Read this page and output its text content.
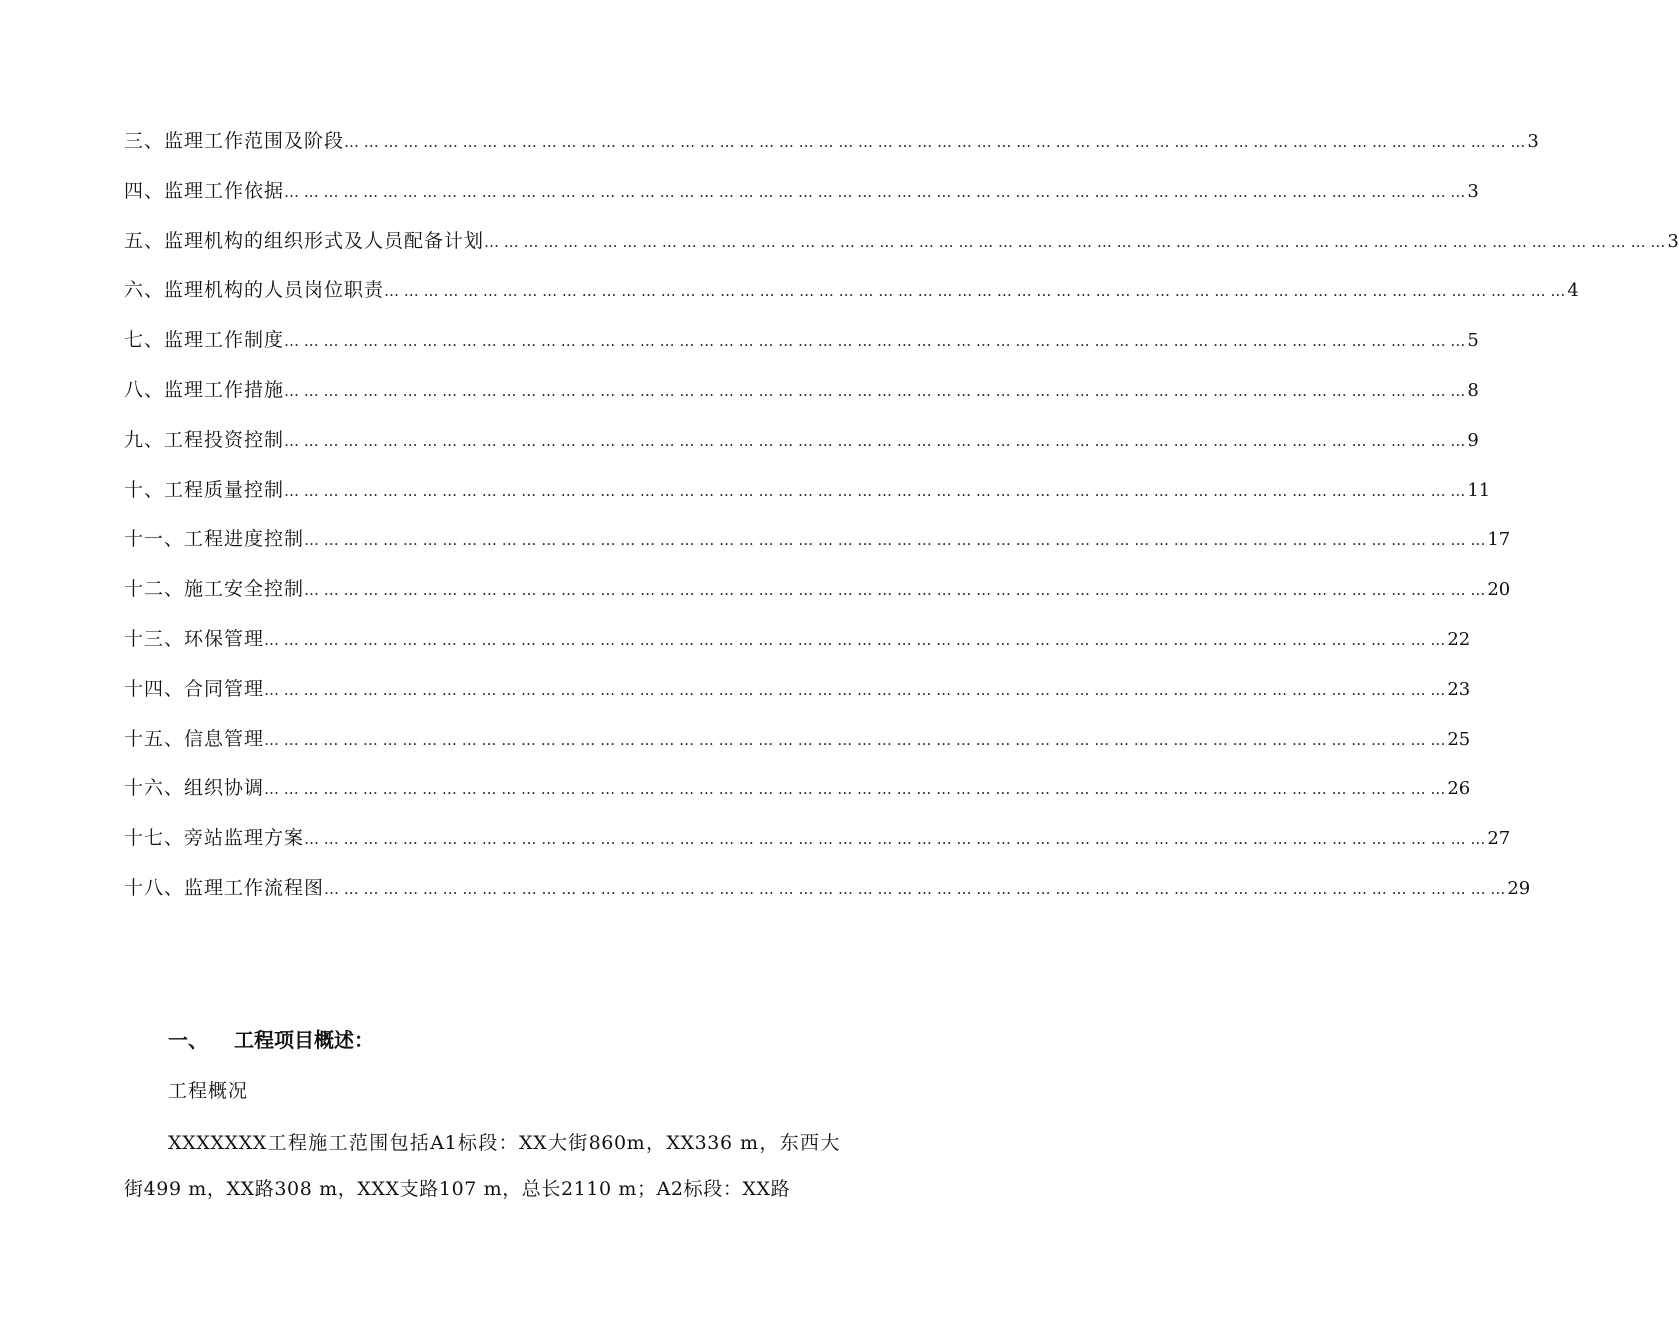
三、监理工作范围及阶段 … … … … … … … … … … … … … … … … … … … … … … … … … … … … … … … … … … … … … … … … … … … … … … … … … … … … … … … … … … … … 3
四、监理工作依据 … … … … … … … … … … … … … … … … … … … … … … … … … … … … … … … … … … … … … … … … … … … … … … … … … … … … … … … … … … … … 3
五、监理机构的组织形式及人员配备计划 … … … … … … … … … … … … … … … … … … … … … … … … … … … … … … … … … … … … … … … … … … … … … … … … … … … … … … … … … … … … 3
六、监理机构的人员岗位职责 … … … … … … … … … … … … … … … … … … … … … … … … … … … … … … … … … … … … … … … … … … … … … … … … … … … … … … … … … … … … 4
七、监理工作制度 … … … … … … … … … … … … … … … … … … … … … … … … … … … … … … … … … … … … … … … … … … … … … … … … … … … … … … … … … … … … 5
八、监理工作措施 … … … … … … … … … … … … … … … … … … … … … … … … … … … … … … … … … … … … … … … … … … … … … … … … … … … … … … … … … … … … 8
九、工程投资控制 … … … … … … … … … … … … … … … … … … … … … … … … … … … … … … … … … … … … … … … … … … … … … … … … … … … … … … … … … … … … 9
十、工程质量控制 … … … … … … … … … … … … … … … … … … … … … … … … … … … … … … … … … … … … … … … … … … … … … … … … … … … … … … … … … … … … 11
十一、工程进度控制 … … … … … … … … … … … … … … … … … … … … … … … … … … … … … … … … … … … … … … … … … … … … … … … … … … … … … … … … … … … … 17
十二、施工安全控制 … … … … … … … … … … … … … … … … … … … … … … … … … … … … … … … … … … … … … … … … … … … … … … … … … … … … … … … … … … … … 20
十三、环保管理 … … … … … … … … … … … … … … … … … … … … … … … … … … … … … … … … … … … … … … … … … … … … … … … … … … … … … … … … … … … … 22
十四、合同管理 … … … … … … … … … … … … … … … … … … … … … … … … … … … … … … … … … … … … … … … … … … … … … … … … … … … … … … … … … … … … 23
十五、信息管理 … … … … … … … … … … … … … … … … … … … … … … … … … … … … … … … … … … … … … … … … … … … … … … … … … … … … … … … … … … … … 25
十六、组织协调 … … … … … … … … … … … … … … … … … … … … … … … … … … … … … … … … … … … … … … … … … … … … … … … … … … … … … … … … … … … … 26
十七、旁站监理方案 … … … … … … … … … … … … … … … … … … … … … … … … … … … … … … … … … … … … … … … … … … … … … … … … … … … … … … … … … … … … 27
十八、监理工作流程图 … … … … … … … … … … … … … … … … … … … … … … … … … … … … … … … … … … … … … … … … … … … … … … … … … … … … … … … … … … … … 29
一、 工程项目概述：
工程概况
XXXXXXX工程施工范围包括A1标段：XX大街860m，XX336 m，东西大街499 m，XX路308 m，XXX支路107 m，总长2110 m；A2标段：XX路
